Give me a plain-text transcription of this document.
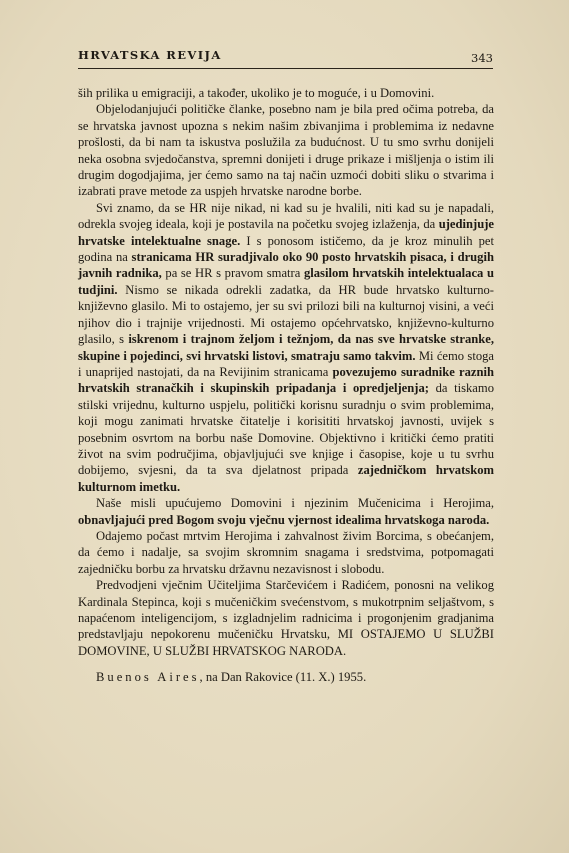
HRVATSKA REVIJA	343

ših prilika u emigraciji, a također, ukoliko je to moguće, i u Domovini.

Objelodanjujući političke članke, posebno nam je bila pred očima potreba, da se hrvatska javnost upozna s nekim našim zbivanjima i problemima iz nedavne prošlosti, da bi nam ta iskustva poslužila za budućnost. U tu smo svrhu donijeli neka osobna svjedočanstva, spremni donijeti i druge prikaze i mišljenja o istim ili drugim dogodjajima, jer ćemo samo na taj način uzmoći dobiti sliku o stvarima i izabrati prave metode za uspjeh hrvatske narodne borbe.

Svi znamo, da se HR nije nikad, ni kad su je hvalili, niti kad su je napadali, odrekla svojeg ideala, koji je postavila na početku svojeg izlaženja, da ujedinjuje hrvatske intelektualne snage. I s ponosom ističemo, da je kroz minulih pet godina na stranicama HR suradjivalo oko 90 posto hrvatskih pisaca, i drugih javnih radnika, pa se HR s pravom smatra glasilom hrvatskih intelektualaca u tudjini. Nismo se nikada odrekli zadatka, da HR bude hrvatsko kulturno-književno glasilo. Mi to ostajemo, jer su svi prilozi bili na kulturnoj visini, a veći njihov dio i trajnije vrijednosti. Mi ostajemo općehrvatsko, književno-kulturno glasilo, s iskrenom i trajnom željom i težnjom, da nas sve hrvatske stranke, skupine i pojedinci, svi hrvatski listovi, smatraju samo takvim. Mi ćemo stoga i unaprijed nastojati, da na Revijinim stranicama povezujemo suradnike raznih hrvatskih stranačkih i skupinskih pripadanja i opredjeljenja; da tiskamo stilski vrijednu, kulturno uspjelu, politički korisnu suradnju o svim problemima, koji mogu zanimati hrvatske čitatelje i korisititi hrvatskoj javnosti, uvijek s posebnim osvrtom na borbu naše Domovine. Objektivno i kritički ćemo pratiti život na svim područjima, objavljujući sve knjige i časopise, koje u tu svrhu dobijemo, svjesni, da ta sva djelatnost pripada zajedničkom hrvatskom kulturnom imetku.

Naše misli upućujemo Domovini i njezinim Mučenicima i Herojima, obnavljajući pred Bogom svoju vječnu vjernost idealima hrvatskoga naroda.

Odajemo počast mrtvim Herojima i zahvalnost živim Borcima, s obećanjem, da ćemo i nadalje, sa svojim skromnim snagama i sredstvima, potpomagati zajedničku borbu za hrvatsku državnu nezavisnost i slobodu.

Predvodjeni vječnim Učiteljima Starčevićem i Radićem, ponosni na velikog Kardinala Stepinca, koji s mučeničkim svećenstvom, s mukotrpnim seljaštvom, s napaćenom inteligencijom, s izgladnjelim radnicima i progonjenim gradjanima predstavljaju nepokorenu mučeničku Hrvatsku, MI OSTAJEMO U SLUŽBI DOMOVINE, U SLUŽBI HRVATSKOG NARODA.

Buenos Aires, na Dan Rakovice (11. X.) 1955.
